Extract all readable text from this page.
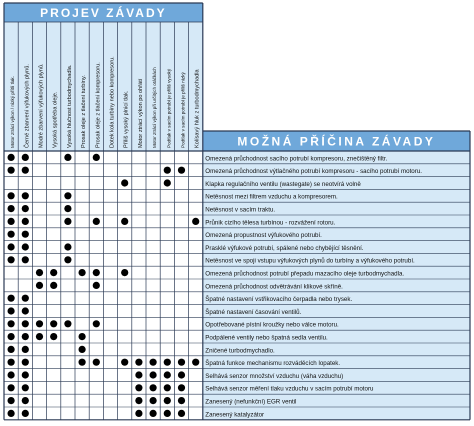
PROJEV ZÁVADY
MOŽNÁ PŘÍČINA ZÁVADY
Motor ztrácí výkon / nízký přítlí tlak. Černé zbarvení výfukových plynů. Modré zbarvení výfukových plynů. Vysoká spotřeba oleje. Vysoká hlučnost turbodmychadla. Prosak oleje z tlačení turbíny. Prosak oleje z tlačení kompresoru. Dotek kola turbíny nebo kompresoru. Příliš vysoký plnicí tlak. Motor ztrácí výkon po ohřátí Motor ztrácí výkon při určitých otáčkách Podtlak v sacím potrubí je příliš vysoký Podtlak v sacím potrubí je příliš nízký Kolísavý hluk z turbodmychadla
Omezená průchodnost sacího potrubí kompresoru, znečištěný filtr.
Omezená průchodnost výtlačného potrubí kompresoru - sacího potrubí motoru.
Klapka regulačního ventilu (wastegate) se neotvírá volně
Netěsnost mezi filtrem vzduchu a kompresorem.
Netěsnost v sacím traktu.
Průnik cizího tělesa turbínou - rozvážení rotoru.
Omezená propustnost výfukového potrubí.
Prasklé výfukové potrubí, spálené nebo chybějící těsnění.
Netěsnost ve spoji vstupu výfukových plynů do turbíny a výfukového potrubí.
Omezená průchodnost potrubí přepadu mazacího oleje turbodmychadla.
Omezená průchodnost odvětrávání klikové skříně.
Špatné nastavení vstřikovacího čerpadla nebo trysek.
Špatné nastavení časování ventilů.
Opotřebované pístní kroužky nebo válce motoru.
Podpálené ventily nebo špatná sedla ventilu.
Zničené turbodmychadlo.
Špatná funkce mechanismu rozváděcích lopatek.
Selhává senzor množství vzduchu (váha vzduchu)
Selhává senzor měření tlaku vzduchu v sacím potrubí motoru
Zanesený (nefunkční) EGR ventil
Zanesený katalyzátor
